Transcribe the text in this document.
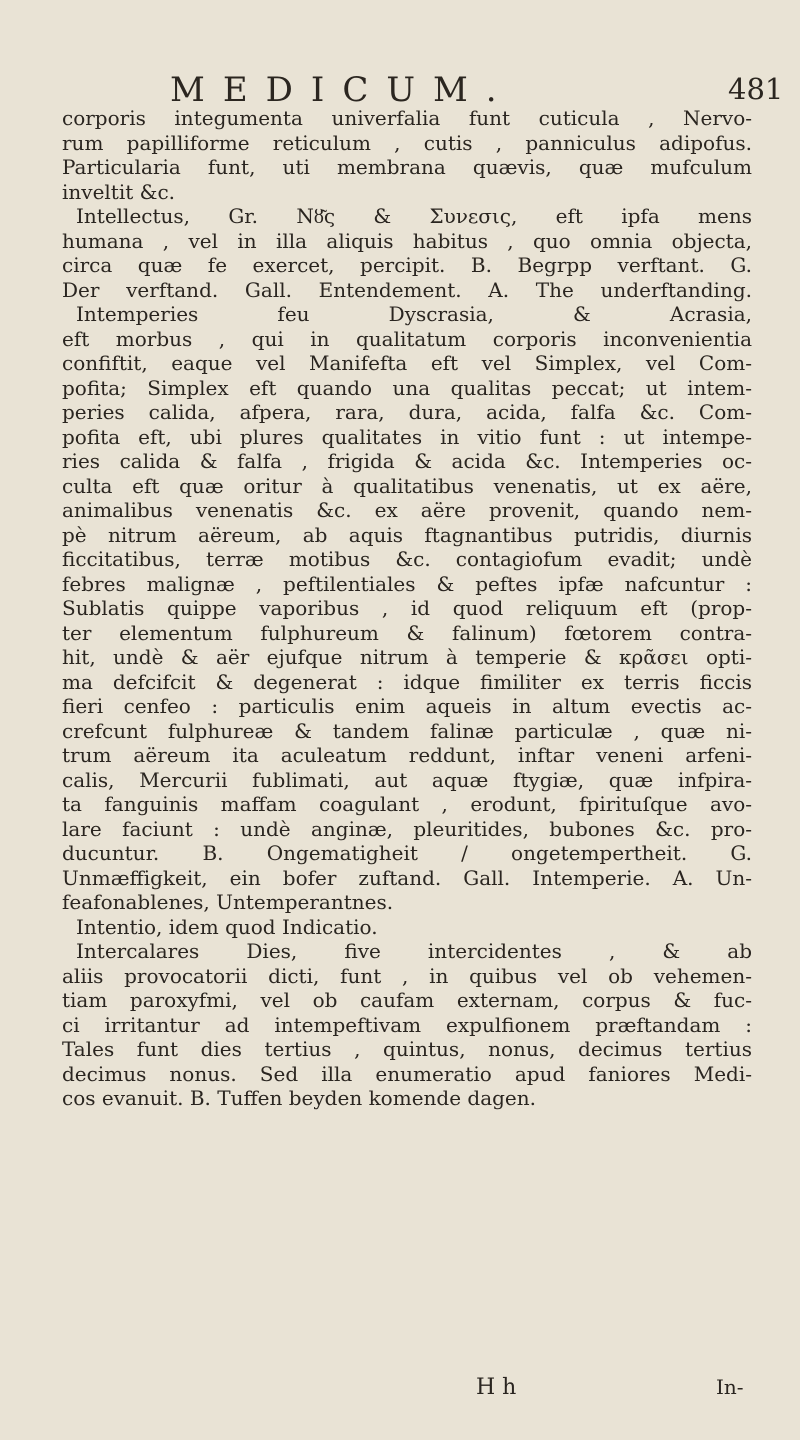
MEDICUM.	481
corporis integumenta univerfalia funt cuticula , Nervo-
rum papilliforme reticulum , cutis , panniculus adipofus.
Particularia funt, uti membrana quævis, quæ mufculum
inveltit &c.
Intellectus, Gr. Νȣ͂ς & Συνεσις, eft ipfa mens
humana , vel in illa aliquis habitus , quo omnia objecta,
circa quæ fe exercet, percipit. B. Begrpp verftant. G.
Der verftand. Gall. Entendement. A. The underftanding.
Intemperies feu Dyscrasia, & Acrasia,
eft morbus , qui in qualitatum corporis inconvenientia
confiftit, eaque vel Manifefta eft vel Simplex, vel Com-
pofita; Simplex eft quando una qualitas peccat; ut intem-
peries calida, afpera, rara, dura, acida, falfa &c. Com-
pofita eft, ubi plures qualitates in vitio funt : ut intempe-
ries calida & falfa , frigida & acida &c. Intemperies oc-
culta eft quæ oritur à qualitatibus venenatis, ut ex aëre,
animalibus venenatis &c. ex aëre provenit, quando nem-
pè nitrum aëreum, ab aquis ftagnantibus putridis, diurnis
ficcitatibus, terræ motibus &c. contagiofum evadit; undè
febres malignæ , peftilentiales & peftes ipfæ nafcuntur :
Sublatis quippe vaporibus , id quod reliquum eft (prop-
ter elementum fulphureum & falinum) fœtorem contra-
hit, undè & aër ejufque nitrum à temperie & κρᾶσει opti-
ma defcifcit & degenerat : idque fimiliter ex terris ficcis
fieri cenfeo : particulis enim aqueis in altum evectis ac-
crefcunt fulphureæ & tandem falinæ particulæ , quæ ni-
trum aëreum ita aculeatum reddunt, inftar veneni arfeni-
calis, Mercurii fublimati, aut aquæ ftygiæ, quæ infpira-
ta fanguinis maffam coagulant , erodunt, fpirituſque avo-
lare faciunt : undè anginæ, pleuritides, bubones &c. pro-
ducuntur. B. Ongematigheit / ongetempertheit. G.
Unmæffigkeit, ein bofer zuftand. Gall. Intemperie. A. Un-
feafonablenes, Untemperantnes.
Intentio, idem quod Indicatio.
Intercalares Dies, five intercidentes , & ab
aliis provocatorii dicti, funt , in quibus vel ob vehemen-
tiam paroxyfmi, vel ob caufam externam, corpus & fuc-
ci irritantur ad intempeftivam expulfionem præftandam :
Tales funt dies tertius , quintus, nonus, decimus tertius
decimus nonus. Sed illa enumeratio apud faniores Medi-
cos evanuit. B. Tuffen beyden komende dagen.
H h	In-
